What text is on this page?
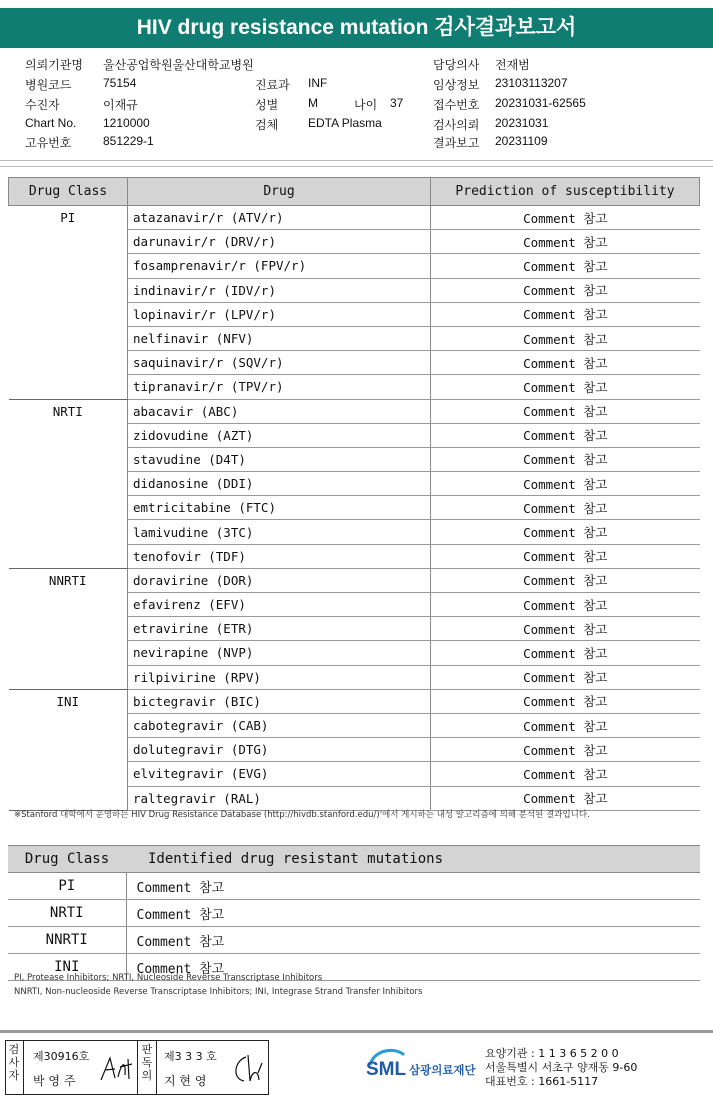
HIV drug resistance mutation 검사결과보고서
의뢰기관명 울산공업학원울산대학교병원
병원코드	75154
수진자	이재규
Chart No. 1210000
고유번호	851229-1
진료과 INF
성별 M
검체 EDTA Plasma
나이 37
담당의사 전재범
임상정보 23103113207
접수번호 20231031-62565
검사의뢰 20231031
결과보고 20231109
Drug Class	Drug	Prediction of susceptibility
PI	atazanavir/r (ATV/r)	Comment 참고
	darunavir/r (DRV/r)	Comment 참고
	fosamprenavir/r (FPV/r)	Comment 참고
	indinavir/r (IDV/r)	Comment 참고
	lopinavir/r (LPV/r)	Comment 참고
	nelfinavir (NFV)	Comment 참고
	saquinavir/r (SQV/r)	Comment 참고
	tipranavir/r (TPV/r)	Comment 참고
NRTI	abacavir (ABC)	Comment 참고
	zidovudine (AZT)	Comment 참고
	stavudine (D4T)	Comment 참고
	didanosine (DDI)	Comment 참고
	emtricitabine (FTC)	Comment 참고
	lamivudine (3TC)	Comment 참고
	tenofovir (TDF)	Comment 참고
NNRTI	doravirine (DOR)	Comment 참고
	efavirenz (EFV)	Comment 참고
	etravirine (ETR)	Comment 참고
	nevirapine (NVP)	Comment 참고
	rilpivirine (RPV)	Comment 참고
INI	bictegravir (BIC)	Comment 참고
	cabotegravir (CAB)	Comment 참고
	dolutegravir (DTG)	Comment 참고
	elvitegravir (EVG)	Comment 참고
	raltegravir (RAL)	Comment 참고
※Stanford 대학에서 운영하는 HIV Drug Resistance Database (http://hivdb.stanford.edu/)'에서 게시하는 내성 알고리즘에 의해 분석된 결과입니다.
Drug Class	Identified drug resistant mutations
PI	Comment 참고
NRTI	Comment 참고
NNRTI	Comment 참고
INI	Comment 참고
PI, Protease Inhibitors; NRTI, Nucleoside Reverse Transcriptase Inhibitors
NNRTI, Non-nucleoside Reverse Transcriptase Inhibitors; INI, Integrase Strand Transfer Inhibitors
검
사
자
제30916호
박 영 주
판
독
의
제3 3 3 호
지 현 영
SML 삼광의료재단
요양기관 : 1 1 3 6 5 2 0 0
서울특별시 서초구 양재동 9-60
대표번호 : 1661-5117
